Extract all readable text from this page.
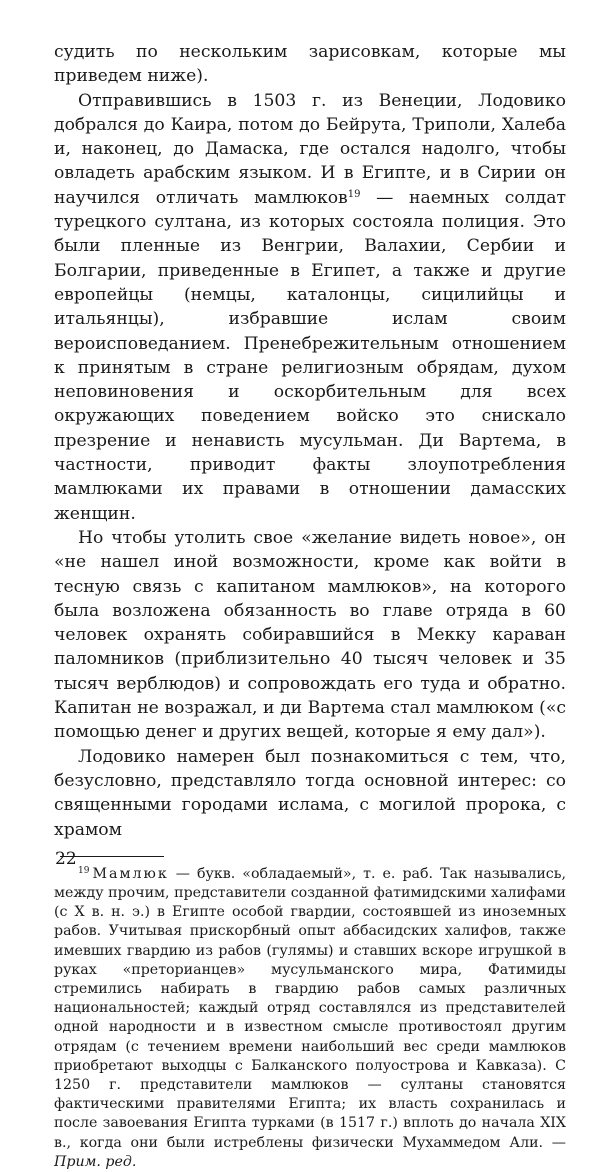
судить по нескольким зарисовкам, которые мы приведем ниже).

Отправившись в 1503 г. из Венеции, Лодовико добрался до Каира, потом до Бейрута, Триполи, Халеба и, наконец, до Дамаска, где остался надолго, чтобы овладеть арабским языком. И в Египте, и в Сирии он научился отличать мамлюков$^{19}$ — наемных солдат турецкого султана, из которых состояла полиция. Это были пленные из Венгрии, Валахии, Сербии и Болгарии, приведенные в Египет, а также и другие европейцы (немцы, каталонцы, сицилийцы и итальянцы), избравшие ислам своим вероисповеданием. Пренебрежительным отношением к принятым в стране религиозным обрядам, духом неповиновения и оскорбительным для всех окружающих поведением войско это снискало презрение и ненависть мусульман. Ди Вартема, в частности, приводит факты злоупотребления мамлюками их правами в отношении дамасских женщин.

Но чтобы утолить свое «желание видеть новое», он «не нашел иной возможности, кроме как войти в тесную связь с капитаном мамлюков», на которого была возложена обязанность во главе отряда в 60 человек охранять собиравшийся в Мекку караван паломников (приблизительно 40 тысяч человек и 35 тысяч верблюдов) и сопровождать его туда и обратно. Капитан не возражал, и ди Вартема стал мамлюком («с помощью денег и других вещей, которые я ему дал»).

Лодовико намерен был познакомиться с тем, что, безусловно, представляло тогда основной интерес: со священными городами ислама, с могилой пророка, с храмом

$^{19}$ Мамлюк — букв. «обладаемый», т. е. раб. Так назывались, между прочим, представители созданной фатимидскими халифами (с X в. н. э.) в Египте особой гвардии, состоявшей из иноземных рабов. Учитывая прискорбный опыт аббасидских халифов, также имевших гвардию из рабов (гулямы) и ставших вскоре игрушкой в руках «преторианцев» мусульманского мира, Фатимиды стремились набирать в гвардию рабов самых различных национальностей; каждый отряд составлялся из представителей одной народности и в известном смысле противостоял другим отрядам (с течением времени наибольший вес среди мамлюков приобретают выходцы с Балканского полуострова и Кавказа). С 1250 г. представители мамлюков — султаны становятся фактическими правителями Египта; их власть сохранилась и после завоевания Египта турками (в 1517 г.) вплоть до начала XIX в., когда они были истреблены физически Мухаммедом Али. — Прим. ред.

22
